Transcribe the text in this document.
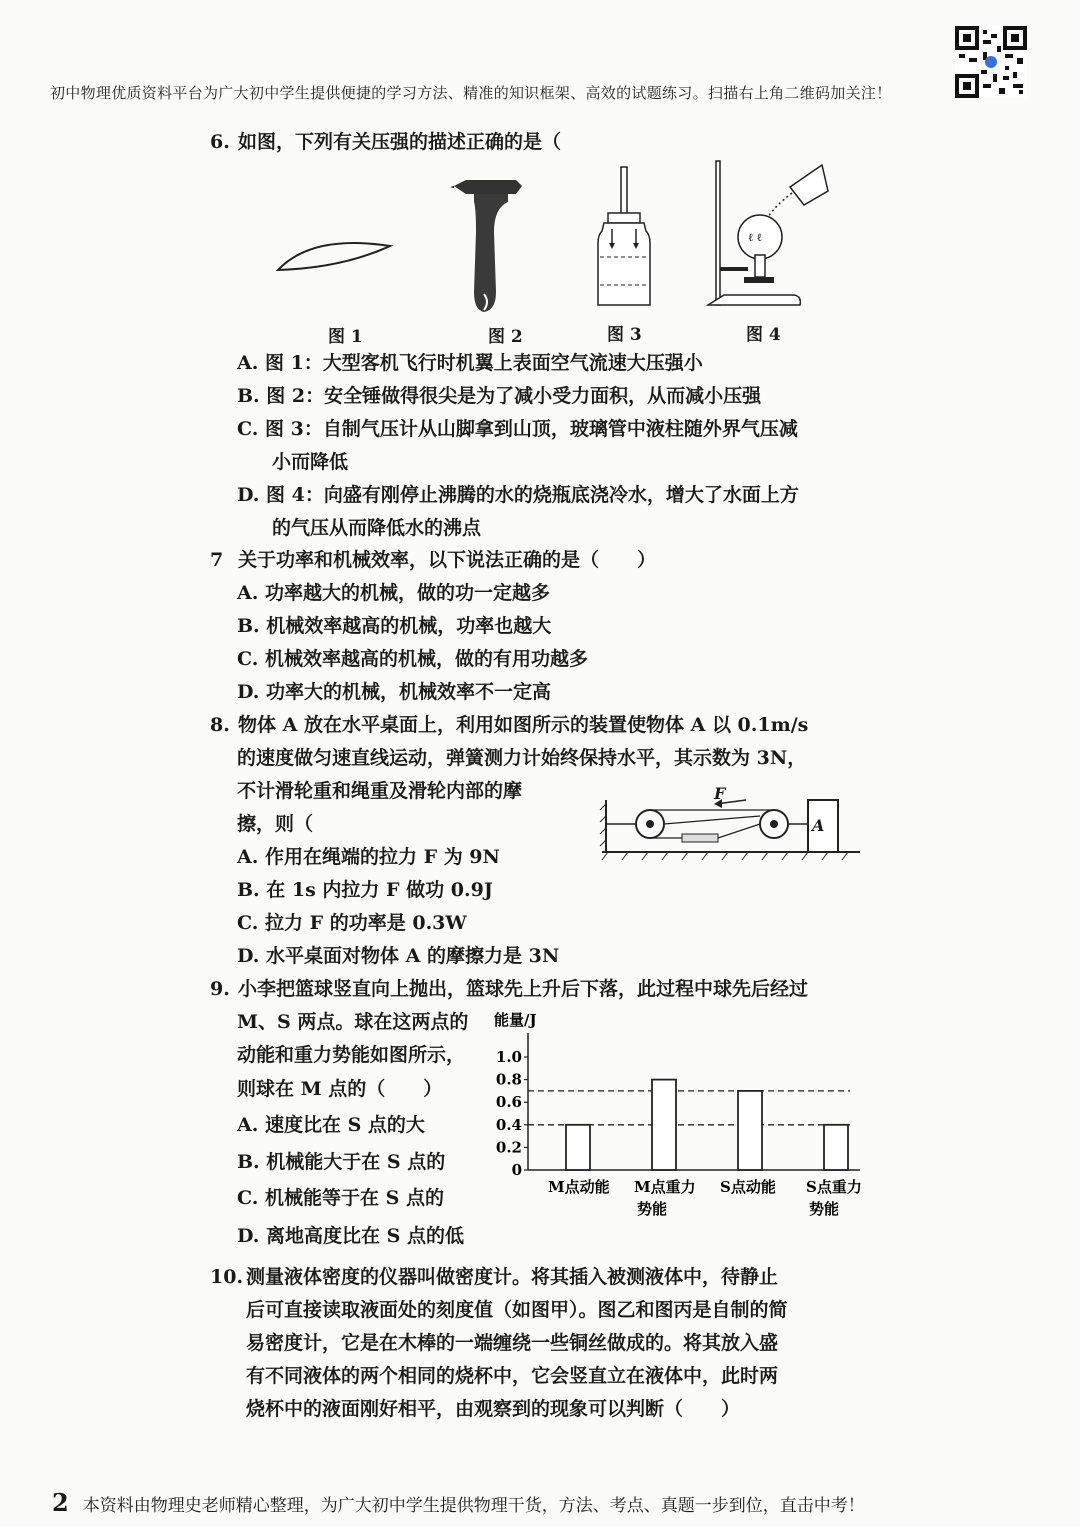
初中物理优质资料平台为广大初中学生提供便捷的学习方法、精准的知识框架、高效的试题练习。扫描右上角二维码加关注！
6. 如图，下列有关压强的描述正确的是（
ℓ ℓ
图 1	图 2	图 3	图 4
A. 图 1：大型客机飞行时机翼上表面空气流速大压强小
B. 图 2：安全锤做得很尖是为了减小受力面积，从而减小压强
C. 图 3：自制气压计从山脚拿到山顶，玻璃管中液柱随外界气压减
小而降低
D. 图 4：向盛有刚停止沸腾的水的烧瓶底浇冷水，增大了水面上方
的气压从而降低水的沸点
7 关于功率和机械效率，以下说法正确的是（　　）
A. 功率越大的机械，做的功一定越多
B. 机械效率越高的机械，功率也越大
C. 机械效率越高的机械，做的有用功越多
D. 功率大的机械，机械效率不一定高
8. 物体 A 放在水平桌面上，利用如图所示的装置使物体 A 以 0.1m/s
的速度做匀速直线运动，弹簧测力计始终保持水平，其示数为 3N，
不计滑轮重和绳重及滑轮内部的摩
擦，则（
F
A
A. 作用在绳端的拉力 F 为 9N
B. 在 1s 内拉力 F 做功 0.9J
C. 拉力 F 的功率是 0.3W
D. 水平桌面对物体 A 的摩擦力是 3N
9. 小李把篮球竖直向上抛出，篮球先上升后下落，此过程中球先后经过
M、S 两点。球在这两点的
动能和重力势能如图所示，
则球在 M 点的（　　）
A. 速度比在 S 点的大
B. 机械能大于在 S 点的
C. 机械能等于在 S 点的
D. 离地高度比在 S 点的低
能量/J
0
0.2
0.4
0.6
0.8
1.0
M点动能 M点重力
势能
S点动能 S点重力
势能
10. 测量液体密度的仪器叫做密度计。将其插入被测液体中，待静止
后可直接读取液面处的刻度值（如图甲）。图乙和图丙是自制的简
易密度计，它是在木棒的一端缠绕一些铜丝做成的。将其放入盛
有不同液体的两个相同的烧杯中，它会竖直立在液体中，此时两
烧杯中的液面刚好相平，由观察到的现象可以判断（　　）
2 本资料由物理史老师精心整理，为广大初中学生提供物理干货，方法、考点、真题一步到位，直击中考！
